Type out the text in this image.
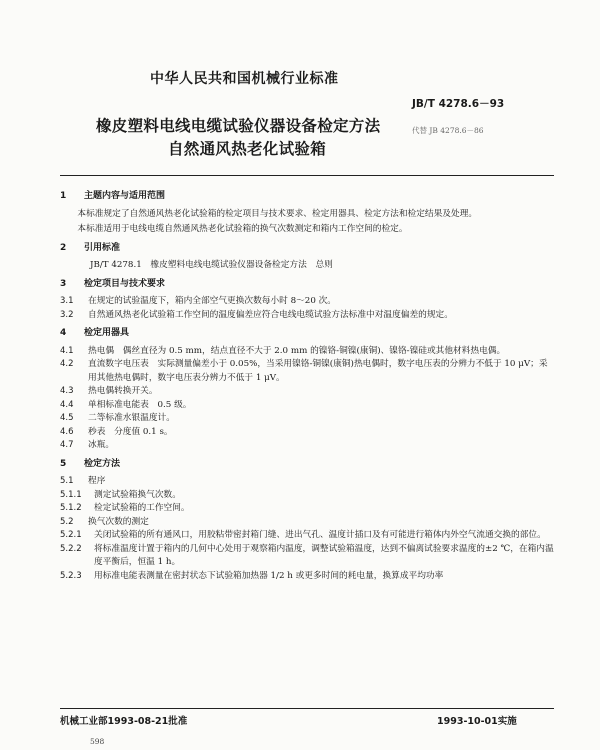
中华人民共和国机械行业标准
JB/T 4278.6－93
橡皮塑料电线电缆试验仪器设备检定方法	代替 JB 4278.6－86
自然通风热老化试验箱
1	主题内容与适用范围

本标准规定了自然通风热老化试验箱的检定项目与技术要求、检定用器具、检定方法和检定结果及处理。

本标准适用于电线电缆自然通风热老化试验箱的换气次数测定和箱内工作空间的检定。

2	引用标准
JB/T 4278.1　橡皮塑料电线电缆试验仪器设备检定方法　总则
3	检定项目与技术要求
3.1	在规定的试验温度下，箱内全部空气更换次数每小时 8～20 次。
3.2	自然通风热老化试验箱工作空间的温度偏差应符合电线电缆试验方法标准中对温度偏差的规定。
4	检定用器具
4.1	热电偶　偶丝直径为 0.5 mm，结点直径不大于 2.0 mm 的镍铬-铜镍(康铜)、镍铬-镍硅或其他材料热电偶。
4.2	直流数字电压表　实际测量偏差小于 0.05%，当采用镍铬-铜镍(康铜)热电偶时，数字电压表的分辨力不低于 10 μV；采用其他热电偶时，数字电压表分辨力不低于 1 μV。
4.3	热电偶转换开关。
4.4	单相标准电能表　0.5 级。
4.5	二等标准水银温度计。
4.6	秒表　分度值 0.1 s。
4.7	冰瓶。
5	检定方法
5.1	程序
5.1.1	测定试验箱换气次数。
5.1.2	检定试验箱的工作空间。
5.2	换气次数的测定
5.2.1	关闭试验箱的所有通风口，用胶粘带密封箱门缝、进出气孔、温度计插口及有可能进行箱体内外空气流通交换的部位。
5.2.2	将标准温度计置于箱内的几何中心处用于观察箱内温度，调整试验箱温度，达到不偏离试验要求温度的±2 ℃，在箱内温度平衡后，恒温 1 h。
5.2.3	用标准电能表测量在密封状态下试验箱加热器 1/2 h 或更多时间的耗电量，换算成平均功率
机械工业部1993-08-21批准	1993-10-01实施
598
